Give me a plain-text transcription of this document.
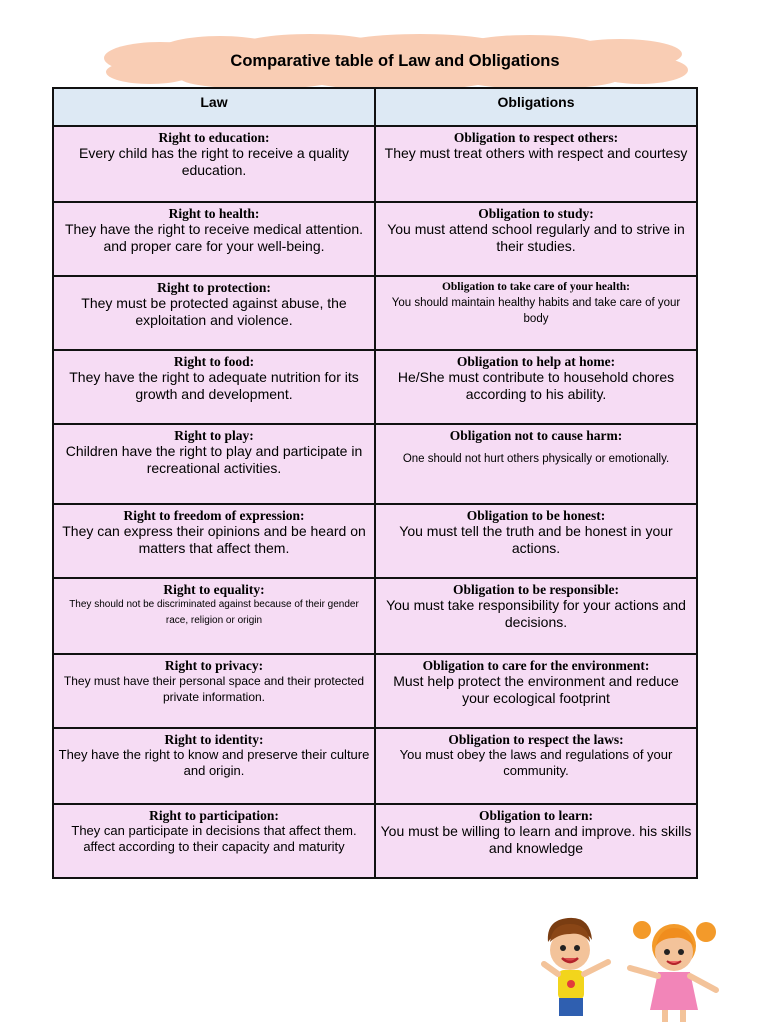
Comparative table of Law and Obligations
Law	Obligations
Right to education:
Every child has the right to receive a quality education.
Obligation to respect others:
They must treat others with respect and courtesy
Right to health:
They have the right to receive medical attention. and proper care for your well-being.
Obligation to study:
You must attend school regularly and to strive in their studies.
Right to protection:
They must be protected against abuse, the exploitation and violence.
Obligation to take care of your health:
You should maintain healthy habits and take care of your body
Right to food:
They have the right to adequate nutrition for its growth and development.
Obligation to help at home:
He/She must contribute to household chores according to his ability.
Right to play:
Children have the right to play and participate in recreational activities.
Obligation not to cause harm:
One should not hurt others physically or emotionally.
Right to freedom of expression:
They can express their opinions and be heard on matters that affect them.
Obligation to be honest:
You must tell the truth and be honest in your actions.
Right to equality:
They should not be discriminated against because of their gender race, religion or origin
Obligation to be responsible:
You must take responsibility for your actions and decisions.
Right to privacy:
They must have their personal space and their protected private information.
Obligation to care for the environment:
Must help protect the environment and reduce your ecological footprint
Right to identity:
They have the right to know and preserve their culture and origin.
Obligation to respect the laws:
You must obey the laws and regulations of your community.
Right to participation:
They can participate in decisions that affect them. affect according to their capacity and maturity
Obligation to learn:
You must be willing to learn and improve. his skills and knowledge
